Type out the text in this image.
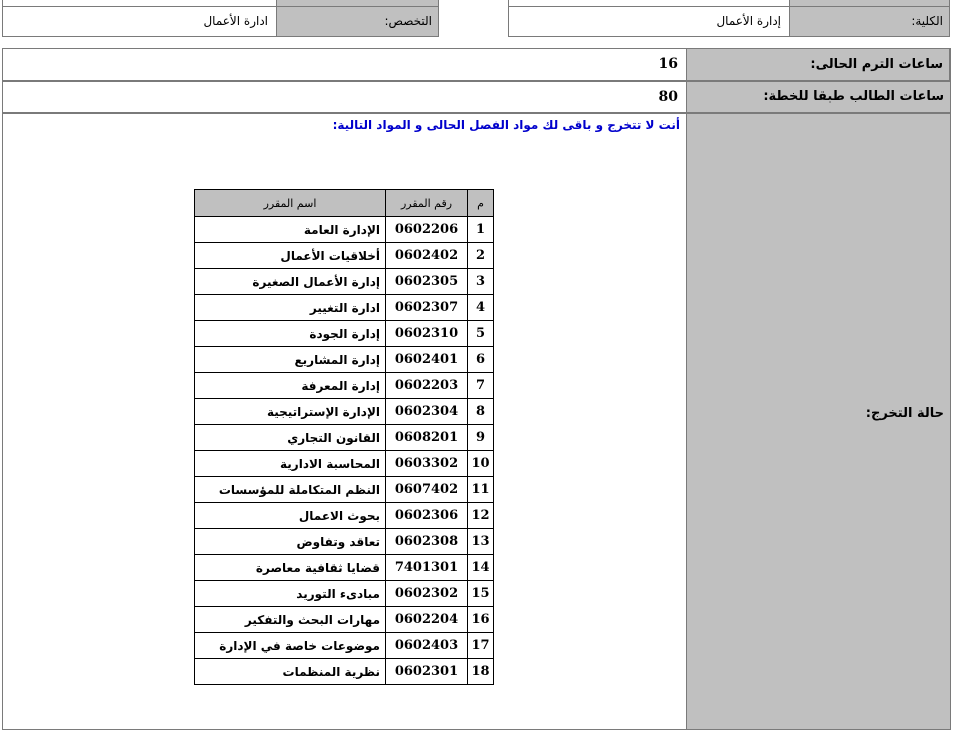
الكلية:
إدارة الأعمال
التخصص:
ادارة الأعمال
ساعات الترم الحالى:
16
ساعات الطالب طبقا للخطة:
80
حالة التخرج:
أنت لا تتخرج و باقى لك مواد الفصل الحالى و المواد التالية:
م	رقم المقرر	اسم المقرر
1	0602206	الإدارة العامة
2	0602402	أخلاقيات الأعمال
3	0602305	إدارة الأعمال الصغيرة
4	0602307	ادارة التغيير
5	0602310	إدارة الجودة
6	0602401	إدارة المشاريع
7	0602203	إدارة المعرفة
8	0602304	الإدارة الإستراتيجية
9	0608201	القانون التجاري
10	0603302	المحاسبة الادارية
11	0607402	النظم المتكاملة للمؤسسات
12	0602306	بحوث الاعمال
13	0602308	تعاقد وتفاوض
14	7401301	قضايا ثقافية معاصرة
15	0602302	مبادىء التوريد
16	0602204	مهارات البحث والتفكير
17	0602403	موضوعات خاصة في الإدارة
18	0602301	نظرية المنظمات
